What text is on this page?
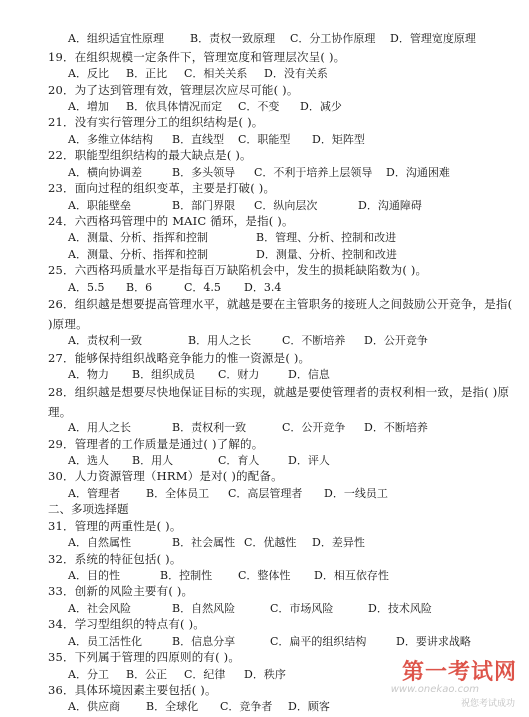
A．组织适宜性原理 B．责权一致原理 C．分工协作原理 D．管理宽度原理
19．在组织规模一定条件下，管理宽度和管理层次呈( )。
A．反比 B．正比 C．相关关系 D．没有关系
20．为了达到管理有效，管理层次应尽可能( )。
A．增加 B．依具体情况而定 C．不变 D．减少
21．没有实行管理分工的组织结构是( )。
A．多维立体结构 B．直线型 C．职能型 D．矩阵型
22．职能型组织结构的最大缺点是( )。
A．横向协调差	B．多头领导 C．不利于培养上层领导 D．沟通困难
23．面向过程的组织变革，主要是打破( )。
A．职能壁垒	B．部门界限 C．纵向层次	D．沟通障碍
24．六西格玛管理中的 MAIC 循环，是指( )。
A．测量、分析、指挥和控制	B．管理、分析、控制和改进
A．测量、分析、指挥和控制	D．测量、分析、控制和改进
25．六西格玛质量水平是指每百万缺陷机会中，发生的损耗缺陷数为( )。
A．5.5 B．6	C．4.5 D．3.4
26．组织越是想要提高管理水平，就越是要在主管职务的接班人之间鼓励公开竞争，是指( )原理。
A．责权利一致	B．用人之长	C．不断培养 D．公开竞争
27．能够保持组织战略竞争能力的惟一资源是( )。
A．物力 B．组织成员 C．财力	D．信息
28．组织越是想要尽快地保证目标的实现，就越是要使管理者的责权利相一致，是指( )原理。
A．用人之长	B．责权利一致	C．公开竞争 D．不断培养
29．管理者的工作质量是通过( )了解的。
A．选人 B．用人	C．育人	D．评人
30．人力资源管理（HRM）是对( )的配备。
A．管理者 B．全体员工 C．高层管理者 D．一线员工
二、多项选择题
31．管理的两重性是( )。
A．自然属性	B．社会属性 C．优越性 D．差异性
32．系统的特征包括( )。
A．目的性	B．控制性 C．整体性 D．相互依存性
33．创新的风险主要有( )。
A．社会风险	B．自然风险	C．市场风险	D．技术风险
34．学习型组织的特点有( )。
A．员工活性化	B．信息分享	C．扁平的组织结构	D．要讲求战略
35．下列属于管理的四原则的有( )。
A．分工 B．公正 C．纪律 D．秩序
36．具体环境因素主要包括( )。
A．供应商 B．全球化 C．竞争者 D．顾客
第一考试网
www.onekao.com
祝您考试成功
